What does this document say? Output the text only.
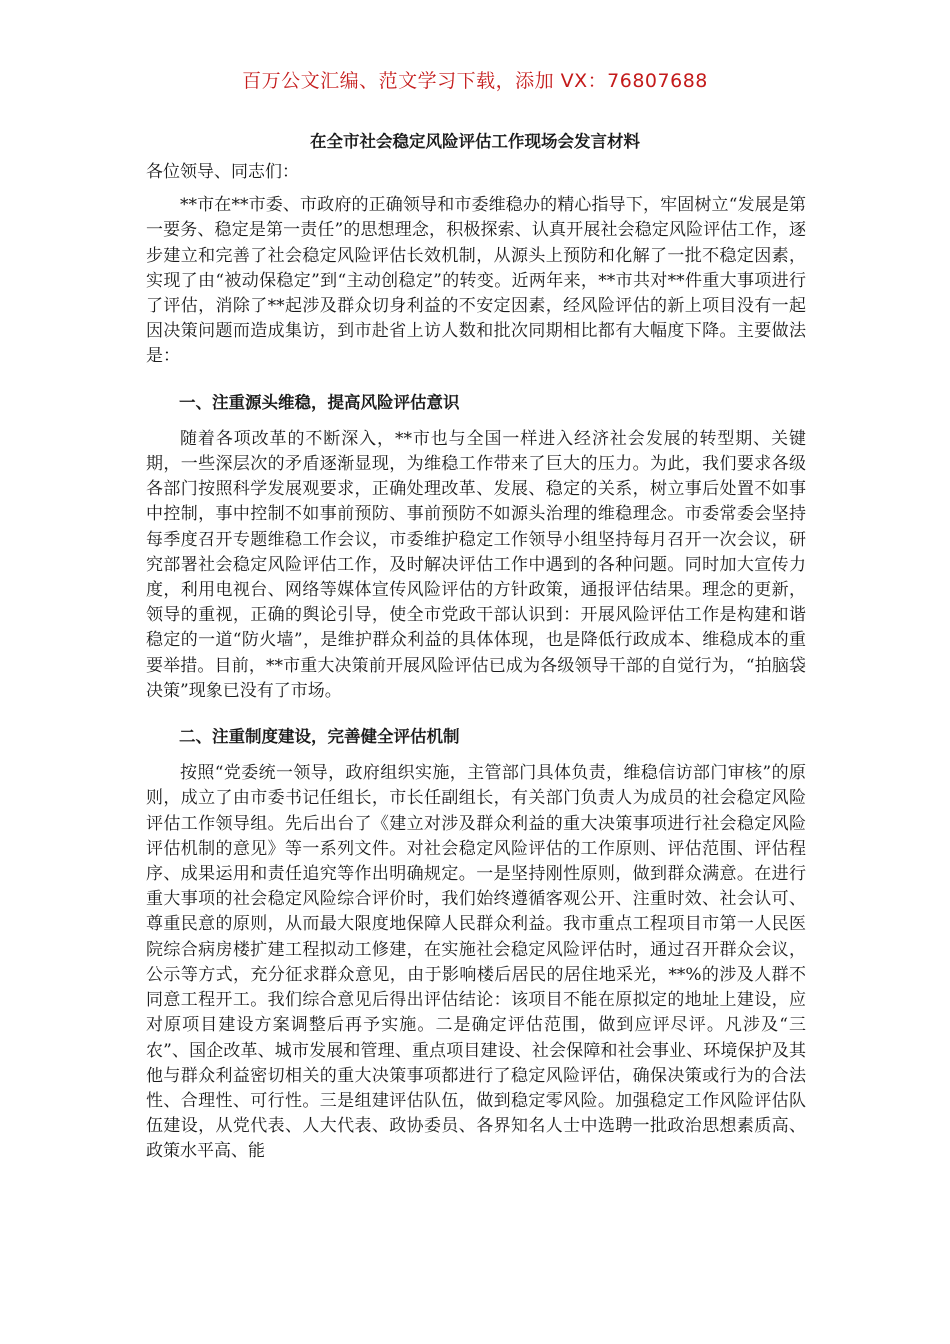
百万公文汇编、范文学习下载，添加 VX：76807688
在全市社会稳定风险评估工作现场会发言材料

各位领导、同志们：

**市在**市委、市政府的正确领导和市委维稳办的精心指导下，牢固树立“发展是第一要务、稳定是第一责任”的思想理念，积极探索、认真开展社会稳定风险评估工作，逐步建立和完善了社会稳定风险评估长效机制，从源头上预防和化解了一批不稳定因素，实现了由“被动保稳定”到“主动创稳定”的转变。近两年来，**市共对**件重大事项进行了评估，消除了**起涉及群众切身利益的不安定因素，经风险评估的新上项目没有一起因决策问题而造成集访，到市赴省上访人数和批次同期相比都有大幅度下降。主要做法是：

一、注重源头维稳，提高风险评估意识

随着各项改革的不断深入，**市也与全国一样进入经济社会发展的转型期、关键期，一些深层次的矛盾逐渐显现，为维稳工作带来了巨大的压力。为此，我们要求各级各部门按照科学发展观要求，正确处理改革、发展、稳定的关系，树立事后处置不如事中控制，事中控制不如事前预防、事前预防不如源头治理的维稳理念。市委常委会坚持每季度召开专题维稳工作会议，市委维护稳定工作领导小组坚持每月召开一次会议，研究部署社会稳定风险评估工作，及时解决评估工作中遇到的各种问题。同时加大宣传力度，利用电视台、网络等媒体宣传风险评估的方针政策，通报评估结果。理念的更新，领导的重视，正确的舆论引导，使全市党政干部认识到：开展风险评估工作是构建和谐稳定的一道“防火墙”，是维护群众利益的具体体现，也是降低行政成本、维稳成本的重要举措。目前，**市重大决策前开展风险评估已成为各级领导干部的自觉行为，“拍脑袋决策”现象已没有了市场。

二、注重制度建设，完善健全评估机制

按照“党委统一领导，政府组织实施，主管部门具体负责，维稳信访部门审核”的原则，成立了由市委书记任组长，市长任副组长，有关部门负责人为成员的社会稳定风险评估工作领导组。先后出台了《建立对涉及群众利益的重大决策事项进行社会稳定风险评估机制的意见》等一系列文件。对社会稳定风险评估的工作原则、评估范围、评估程序、成果运用和责任追究等作出明确规定。一是坚持刚性原则，做到群众满意。在进行重大事项的社会稳定风险综合评价时，我们始终遵循客观公开、注重时效、社会认可、尊重民意的原则，从而最大限度地保障人民群众利益。我市重点工程项目市第一人民医院综合病房楼扩建工程拟动工修建，在实施社会稳定风险评估时，通过召开群众会议，公示等方式，充分征求群众意见，由于影响楼后居民的居住地采光，**%的涉及人群不同意工程开工。我们综合意见后得出评估结论：该项目不能在原拟定的地址上建设，应对原项目建设方案调整后再予实施。二是确定评估范围，做到应评尽评。凡涉及“三农”、国企改革、城市发展和管理、重点项目建设、社会保障和社会事业、环境保护及其他与群众利益密切相关的重大决策事项都进行了稳定风险评估，确保决策或行为的合法性、合理性、可行性。三是组建评估队伍，做到稳定零风险。加强稳定工作风险评估队伍建设，从党代表、人大代表、政协委员、各界知名人士中选聘一批政治思想素质高、政策水平高、能
